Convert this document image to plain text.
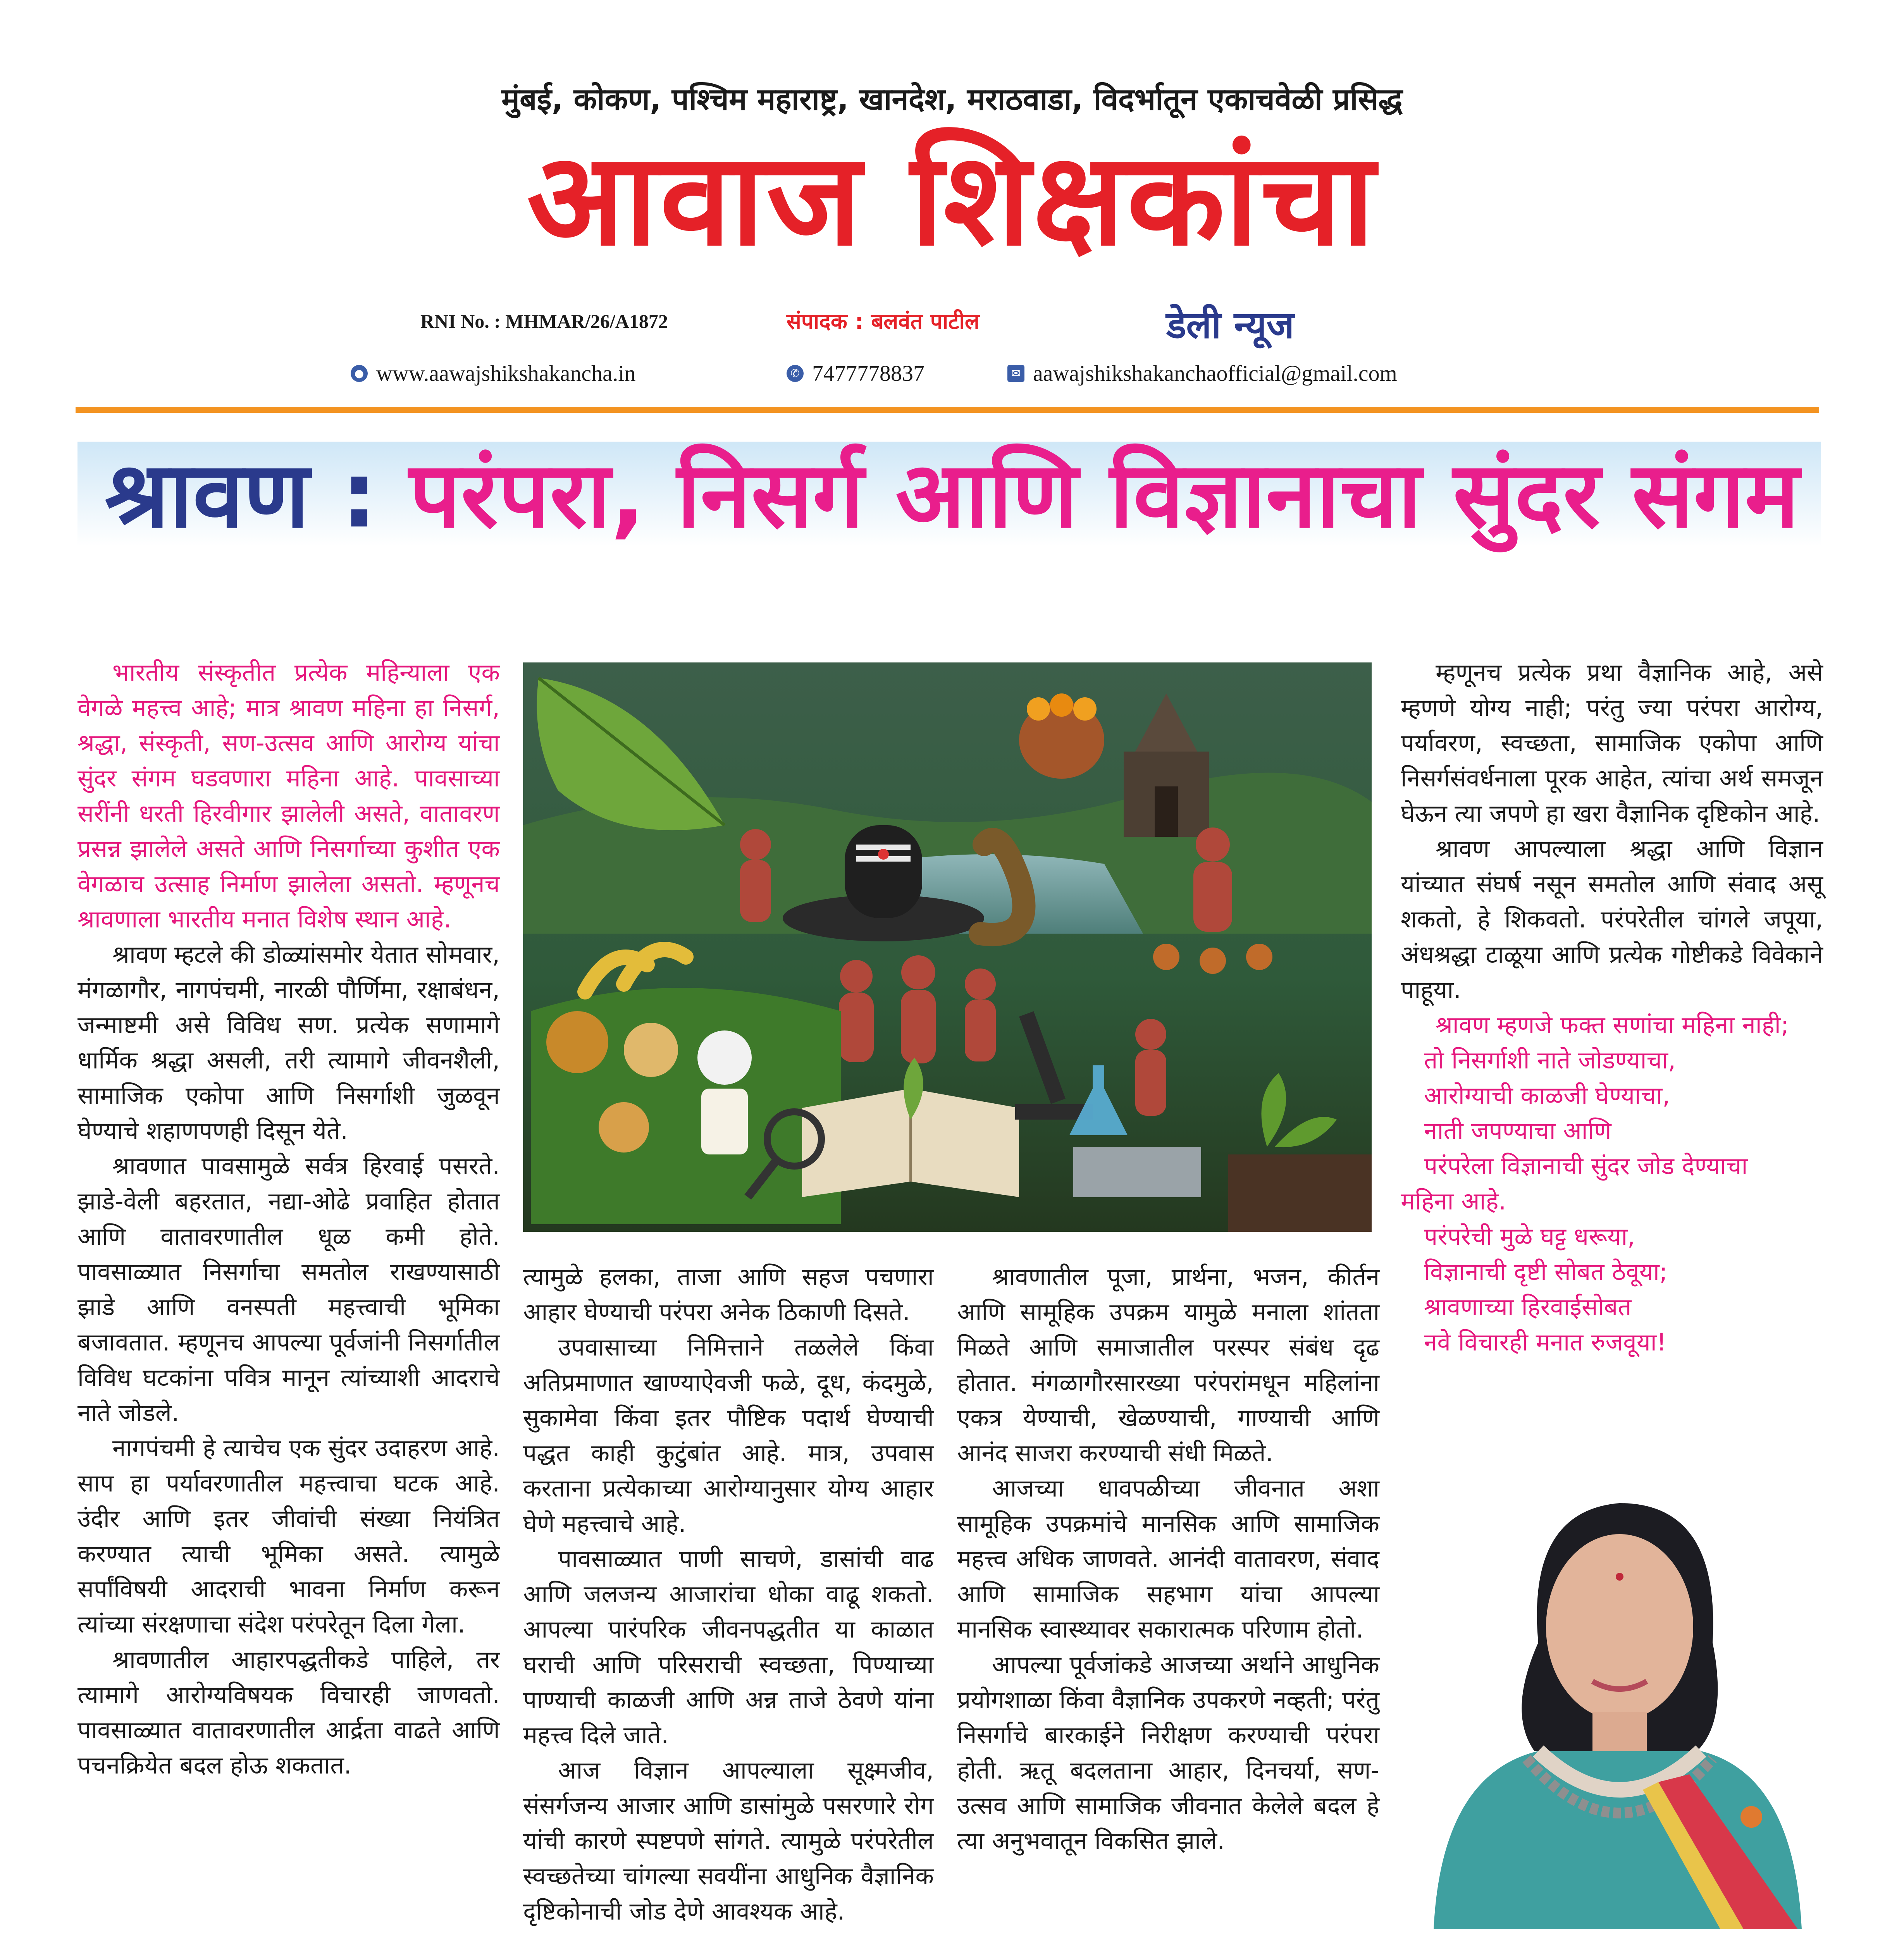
मुंबई, कोकण, पश्चिम महाराष्ट्र, खानदेश, मराठवाडा, विदर्भातून एकाचवेळी प्रसिद्ध
आवाज शिक्षकांचा
RNI No. : MHMAR/26/A1872	संपादक : बलवंत पाटील	डेली न्यूज
● www.aawajshikshakancha.in	✆ 7477778837	✉ aawajshikshakanchaofficial@gmail.com
श्रावण : परंपरा, निसर्ग आणि विज्ञानाचा सुंदर संगम

भारतीय संस्कृतीत प्रत्येक महिन्याला एक वेगळे महत्त्व आहे; मात्र श्रावण महिना हा निसर्ग, श्रद्धा, संस्कृती, सण-उत्सव आणि आरोग्य यांचा सुंदर संगम घडवणारा महिना आहे. पावसाच्या सरींनी धरती हिरवीगार झालेली असते, वातावरण प्रसन्न झालेले असते आणि निसर्गाच्या कुशीत एक वेगळाच उत्साह निर्माण झालेला असतो. म्हणूनच श्रावणाला भारतीय मनात विशेष स्थान आहे.

श्रावण म्हटले की डोळ्यांसमोर येतात सोमवार, मंगळागौर, नागपंचमी, नारळी पौर्णिमा, रक्षाबंधन, जन्माष्टमी असे विविध सण. प्रत्येक सणामागे धार्मिक श्रद्धा असली, तरी त्यामागे जीवनशैली, सामाजिक एकोपा आणि निसर्गाशी जुळवून घेण्याचे शहाणपणही दिसून येते.

श्रावणात पावसामुळे सर्वत्र हिरवाई पसरते. झाडे-वेली बहरतात, नद्या-ओढे प्रवाहित होतात आणि वातावरणातील धूळ कमी होते. पावसाळ्यात निसर्गाचा समतोल राखण्यासाठी झाडे आणि वनस्पती महत्त्वाची भूमिका बजावतात. म्हणूनच आपल्या पूर्वजांनी निसर्गातील विविध घटकांना पवित्र मानून त्यांच्याशी आदराचे नाते जोडले.

नागपंचमी हे त्याचेच एक सुंदर उदाहरण आहे. साप हा पर्यावरणातील महत्त्वाचा घटक आहे. उंदीर आणि इतर जीवांची संख्या नियंत्रित करण्यात त्याची भूमिका असते. त्यामुळे सर्पांविषयी आदराची भावना निर्माण करून त्यांच्या संरक्षणाचा संदेश परंपरेतून दिला गेला.

श्रावणातील आहारपद्धतीकडे पाहिले, तर त्यामागे आरोग्यविषयक विचारही जाणवतो. पावसाळ्यात वातावरणातील आर्द्रता वाढते आणि पचनक्रियेत बदल होऊ शकतात.

त्यामुळे हलका, ताजा आणि सहज पचणारा आहार घेण्याची परंपरा अनेक ठिकाणी दिसते.

उपवासाच्या निमित्ताने तळलेले किंवा अतिप्रमाणात खाण्याऐवजी फळे, दूध, कंदमुळे, सुकामेवा किंवा इतर पौष्टिक पदार्थ घेण्याची पद्धत काही कुटुंबांत आहे. मात्र, उपवास करताना प्रत्येकाच्या आरोग्यानुसार योग्य आहार घेणे महत्त्वाचे आहे.

पावसाळ्यात पाणी साचणे, डासांची वाढ आणि जलजन्य आजारांचा धोका वाढू शकतो. आपल्या पारंपरिक जीवनपद्धतीत या काळात घराची आणि परिसराची स्वच्छता, पिण्याच्या पाण्याची काळजी आणि अन्न ताजे ठेवणे यांना महत्त्व दिले जाते.

आज विज्ञान आपल्याला सूक्ष्मजीव, संसर्गजन्य आजार आणि डासांमुळे पसरणारे रोग यांची कारणे स्पष्टपणे सांगते. त्यामुळे परंपरेतील स्वच्छतेच्या चांगल्या सवयींना आधुनिक वैज्ञानिक दृष्टिकोनाची जोड देणे आवश्यक आहे.

श्रावणातील पूजा, प्रार्थना, भजन, कीर्तन आणि सामूहिक उपक्रम यामुळे मनाला शांतता मिळते आणि समाजातील परस्पर संबंध दृढ होतात. मंगळागौरसारख्या परंपरांमधून महिलांना एकत्र येण्याची, खेळण्याची, गाण्याची आणि आनंद साजरा करण्याची संधी मिळते.

आजच्या धावपळीच्या जीवनात अशा सामूहिक उपक्रमांचे मानसिक आणि सामाजिक महत्त्व अधिक जाणवते. आनंदी वातावरण, संवाद आणि सामाजिक सहभाग यांचा आपल्या मानसिक स्वास्थ्यावर सकारात्मक परिणाम होतो.

आपल्या पूर्वजांकडे आजच्या अर्थाने आधुनिक प्रयोगशाळा किंवा वैज्ञानिक उपकरणे नव्हती; परंतु निसर्गाचे बारकाईने निरीक्षण करण्याची परंपरा होती. ऋतू बदलताना आहार, दिनचर्या, सण-उत्सव आणि सामाजिक जीवनात केलेले बदल हे त्या अनुभवातून विकसित झाले.

म्हणूनच प्रत्येक प्रथा वैज्ञानिक आहे, असे म्हणणे योग्य नाही; परंतु ज्या परंपरा आरोग्य, पर्यावरण, स्वच्छता, सामाजिक एकोपा आणि निसर्गसंवर्धनाला पूरक आहेत, त्यांचा अर्थ समजून घेऊन त्या जपणे हा खरा वैज्ञानिक दृष्टिकोन आहे.

श्रावण आपल्याला श्रद्धा आणि विज्ञान यांच्यात संघर्ष नसून समतोल आणि संवाद असू शकतो, हे शिकवतो. परंपरेतील चांगले जपूया, अंधश्रद्धा टाळूया आणि प्रत्येक गोष्टीकडे विवेकाने पाहूया.

श्रावण म्हणजे फक्त सणांचा महिना नाही;

तो निसर्गाशी नाते जोडण्याचा,

आरोग्याची काळजी घेण्याचा,

नाती जपण्याचा आणि

परंपरेला विज्ञानाची सुंदर जोड देण्याचा

महिना आहे.

परंपरेची मुळे घट्ट धरूया,

विज्ञानाची दृष्टी सोबत ठेवूया;

श्रावणाच्या हिरवाईसोबत

नवे विचारही मनात रुजवूया!
